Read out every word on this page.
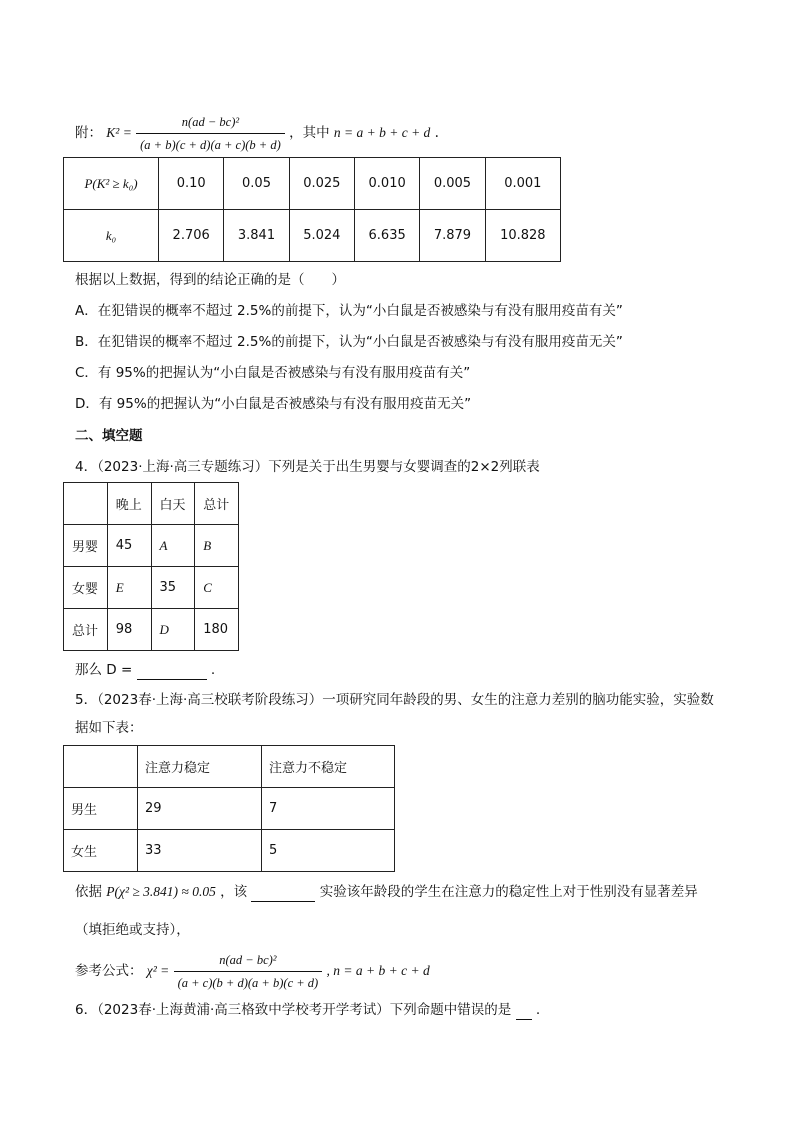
附： $K^2 = \frac{\text{n(ad − bc)²}}{(a + b)(c + d)(a + c)(b + d)}$ ，其中 n = a + b + c + d .
P(K² ≥ k₀)	0.10	0.05	0.025	0.010	0.005	0.001
k₀	2.706	3.841	5.024	6.635	7.879	10.828
根据以上数据，得到的结论正确的是（　　）
A．在犯错误的概率不超过 2.5%的前提下，认为“小白鼠是否被感染与有没有服用疫苗有关”
B．在犯错误的概率不超过 2.5%的前提下，认为“小白鼠是否被感染与有没有服用疫苗无关”
C．有 95%的把握认为“小白鼠是否被感染与有没有服用疫苗有关”
D．有 95%的把握认为“小白鼠是否被感染与有没有服用疫苗无关”
二、填空题
4．（2023·上海·高三专题练习）下列是关于出生男婴与女婴调查的2×2列联表
	晚上	白天	总计
男婴	45	A	B
女婴	E	35	C
总计	98	D	180
那么 D =	.
5．（2023春·上海·高三校联考阶段练习）一项研究同年龄段的男、女生的注意力差别的脑功能实验，实验数
据如下表：
	注意力稳定	注意力不稳定
男生	29	7
女生	33	5
依据 P(χ² ≥ 3.841) ≈ 0.05 ，该	实验该年龄段的学生在注意力的稳定性上对于性别没有显著差异
（填拒绝或支持），
参考公式： $\chi^2 = \frac{\text{n(ad − bc)²}}{(a + c)(b + d)(a + b)(c + d)}$ , n = a + b + c + d
6．（2023春·上海黄浦·高三格致中学校考开学考试）下列命题中错误的是 .
